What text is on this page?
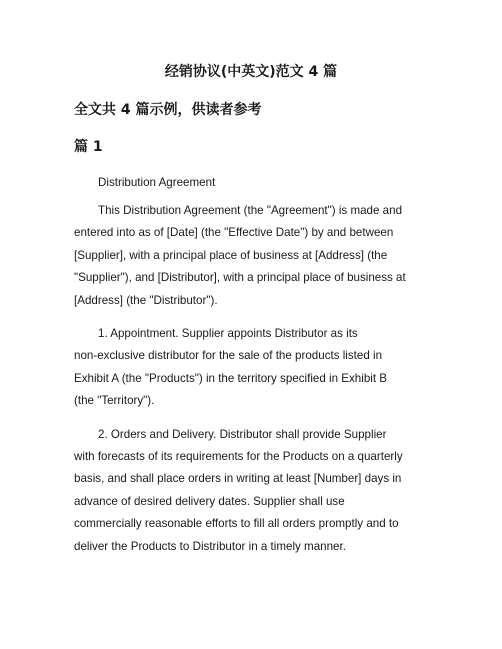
经销协议(中英文)范文 4 篇
全文共 4 篇示例，供读者参考
篇 1
Distribution Agreement

This Distribution Agreement (the "Agreement") is made and
entered into as of [Date] (the "Effective Date") by and between
[Supplier], with a principal place of business at [Address] (the
"Supplier"), and [Distributor], with a principal place of business at
[Address] (the "Distributor").

1. Appointment. Supplier appoints Distributor as its
non-exclusive distributor for the sale of the products listed in
Exhibit A (the "Products") in the territory specified in Exhibit B
(the "Territory").

2. Orders and Delivery. Distributor shall provide Supplier
with forecasts of its requirements for the Products on a quarterly
basis, and shall place orders in writing at least [Number] days in
advance of desired delivery dates. Supplier shall use
commercially reasonable efforts to fill all orders promptly and to
deliver the Products to Distributor in a timely manner.
